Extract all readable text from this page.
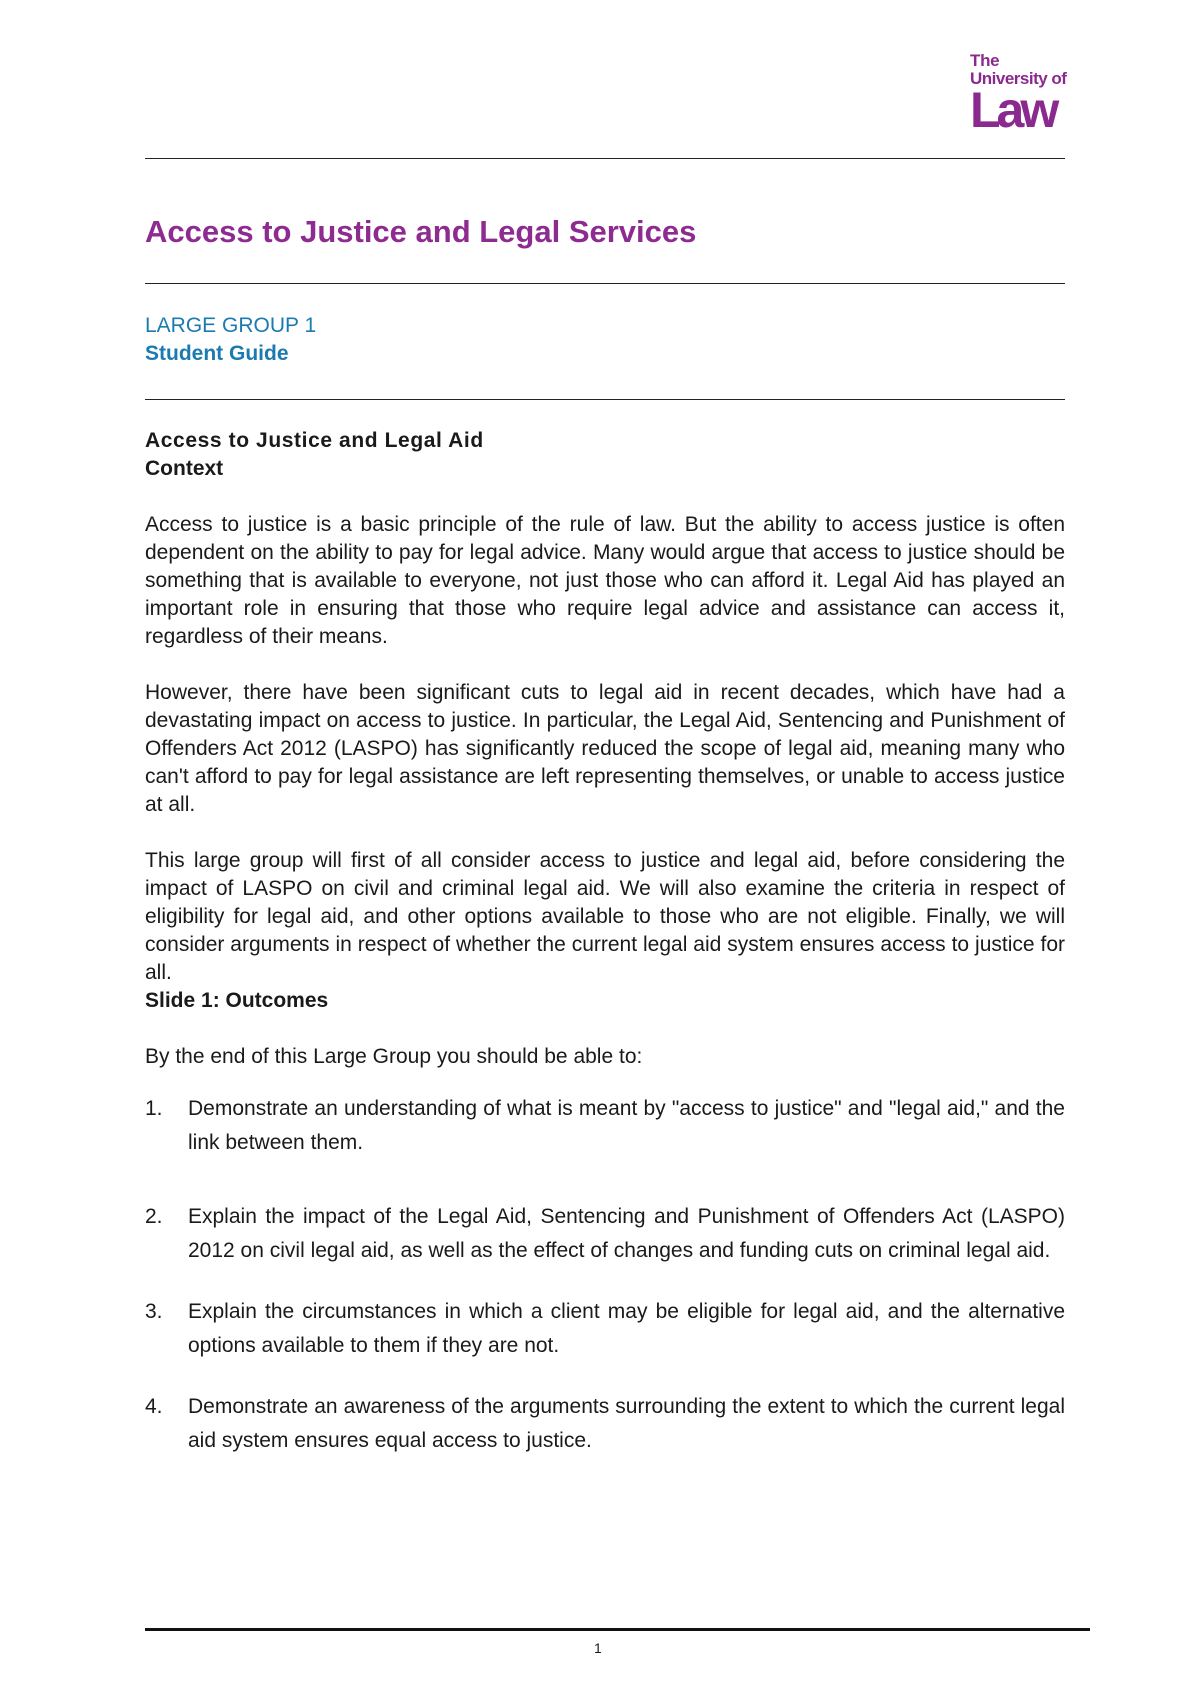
The
University of
Law
Access to Justice and Legal Services
LARGE GROUP 1
Student Guide
Access to Justice and Legal Aid
Context

Access to justice is a basic principle of the rule of law. But the ability to access justice is often dependent on the ability to pay for legal advice. Many would argue that access to justice should be something that is available to everyone, not just those who can afford it. Legal Aid has played an important role in ensuring that those who require legal advice and assistance can access it, regardless of their means.

However, there have been significant cuts to legal aid in recent decades, which have had a devastating impact on access to justice. In particular, the Legal Aid, Sentencing and Punishment of Offenders Act 2012 (LASPO) has significantly reduced the scope of legal aid, meaning many who can't afford to pay for legal assistance are left representing themselves, or unable to access justice at all.

This large group will first of all consider access to justice and legal aid, before considering the impact of LASPO on civil and criminal legal aid. We will also examine the criteria in respect of eligibility for legal aid, and other options available to those who are not eligible. Finally, we will consider arguments in respect of whether the current legal aid system ensures access to justice for all.

Slide 1: Outcomes

By the end of this Large Group you should be able to:

1. Demonstrate an understanding of what is meant by "access to justice" and "legal aid," and the link between them.
2. Explain the impact of the Legal Aid, Sentencing and Punishment of Offenders Act (LASPO) 2012 on civil legal aid, as well as the effect of changes and funding cuts on criminal legal aid.
3. Explain the circumstances in which a client may be eligible for legal aid, and the alternative options available to them if they are not.
4. Demonstrate an awareness of the arguments surrounding the extent to which the current legal aid system ensures equal access to justice.
1
